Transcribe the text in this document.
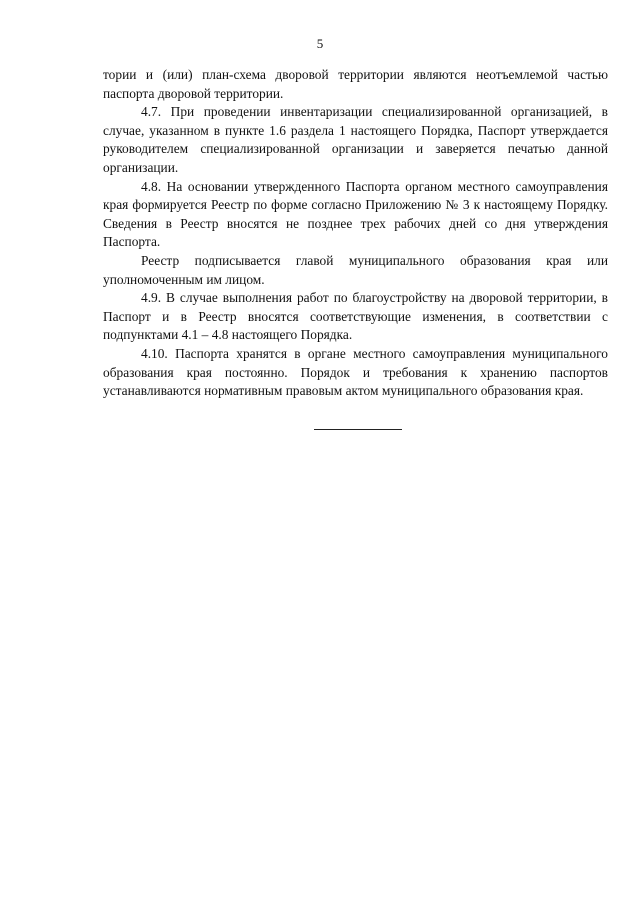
5

тории и (или) план-схема дворовой территории являются неотъемлемой частью паспорта дворовой территории.

4.7. При проведении инвентаризации специализированной организацией, в случае, указанном в пункте 1.6 раздела 1 настоящего Порядка, Паспорт утверждается руководителем специализированной организации и заверяется печатью данной организации.

4.8. На основании утвержденного Паспорта органом местного самоуправления края формируется Реестр по форме согласно Приложению № 3 к настоящему Порядку. Сведения в Реестр вносятся не позднее трех рабочих дней со дня утверждения Паспорта.

Реестр подписывается главой муниципального образования края или уполномоченным им лицом.

4.9. В случае выполнения работ по благоустройству на дворовой территории, в Паспорт и в Реестр вносятся соответствующие изменения, в соответствии с подпунктами 4.1 – 4.8 настоящего Порядка.

4.10. Паспорта хранятся в органе местного самоуправления муниципального образования края постоянно. Порядок и требования к хранению паспортов устанавливаются нормативным правовым актом муниципального образования края.
